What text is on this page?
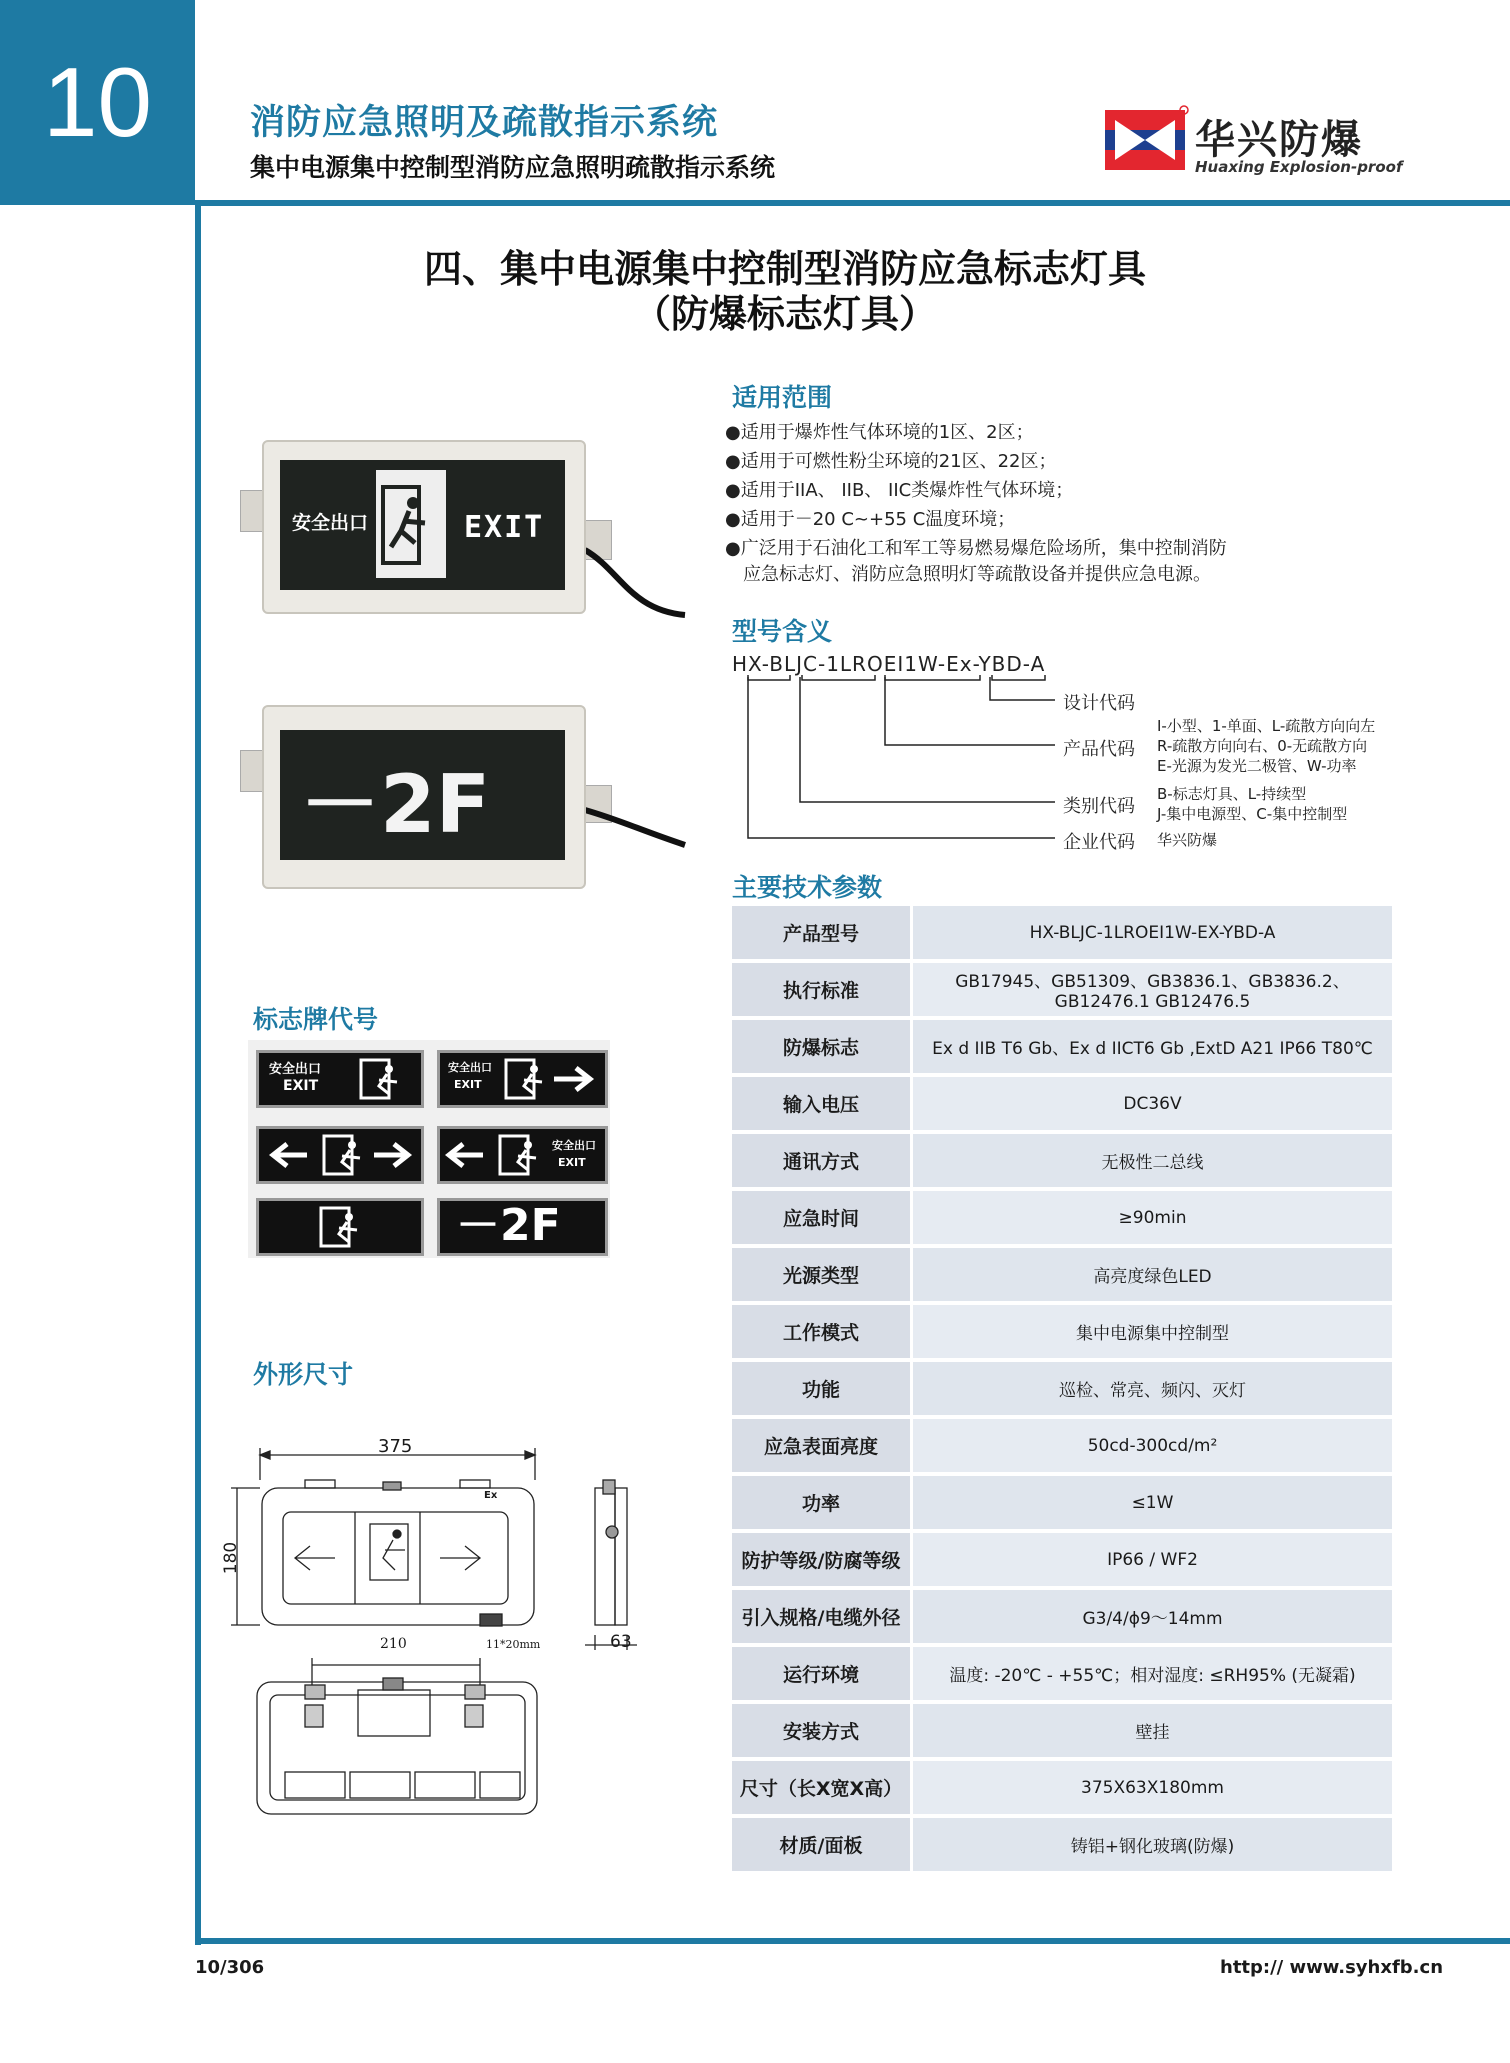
10	消防应急照明及疏散指示系统
集中电源集中控制型消防应急照明疏散指示系统
华兴防爆
Huaxing Explosion-proof
四、集中电源集中控制型消防应急标志灯具
（防爆标志灯具）
安全出口	EXIT
－2F
适用范围
●适用于爆炸性气体环境的1区、2区；
●适用于可燃性粉尘环境的21区、22区；
●适用于IIA、 IIB、 IIC类爆炸性气体环境；
●适用于－20 C~+55 C温度环境；
●广泛用于石油化工和军工等易燃易爆危险场所，集中控制消防
应急标志灯、消防应急照明灯等疏散设备并提供应急电源。
型号含义
HX-BLJC-1LROEI1W-Ex-YBD-A
设计代码
产品代码
I-小型、1-单面、L-疏散方向向左
R-疏散方向向右、0-无疏散方向
E-光源为发光二极管、W-功率
类别代码
B-标志灯具、L-持续型
J-集中电源型、C-集中控制型
企业代码 华兴防爆
主要技术参数
产品型号	HX-BLJC-1LROEⅠ1W-EX-YBD-A
执行标准	GB17945、GB51309、GB3836.1、GB3836.2、GB12476.1 GB12476.5
防爆标志	Ex d IIB T6 Gb、Ex d IICT6 Gb ,ExtD A21 IP66 T80℃
输入电压	DC36V
通讯方式	无极性二总线
应急时间	≥90min
光源类型	高亮度绿色LED
工作模式	集中电源集中控制型
功能	巡检、常亮、频闪、灭灯
应急表面亮度	50cd-300cd/m²
功率	≤1W
防护等级/防腐等级	IP66 / WF2
引入规格/电缆外径	G3/4/ϕ9～14mm
运行环境	温度: -20℃ - +55℃；相对湿度: ≤RH95% (无凝霜)
安装方式	壁挂
尺寸（长X宽X高）	375X63X180mm
材质/面板	铸铝+钢化玻璃(防爆)
标志牌代号
安全出口
EXIT
安全出口
EXIT
安全出口
EXIT
－2F
外形尺寸
375
180
Ex
63
210	11*20mm
10/306	http:// www.syhxfb.cn
